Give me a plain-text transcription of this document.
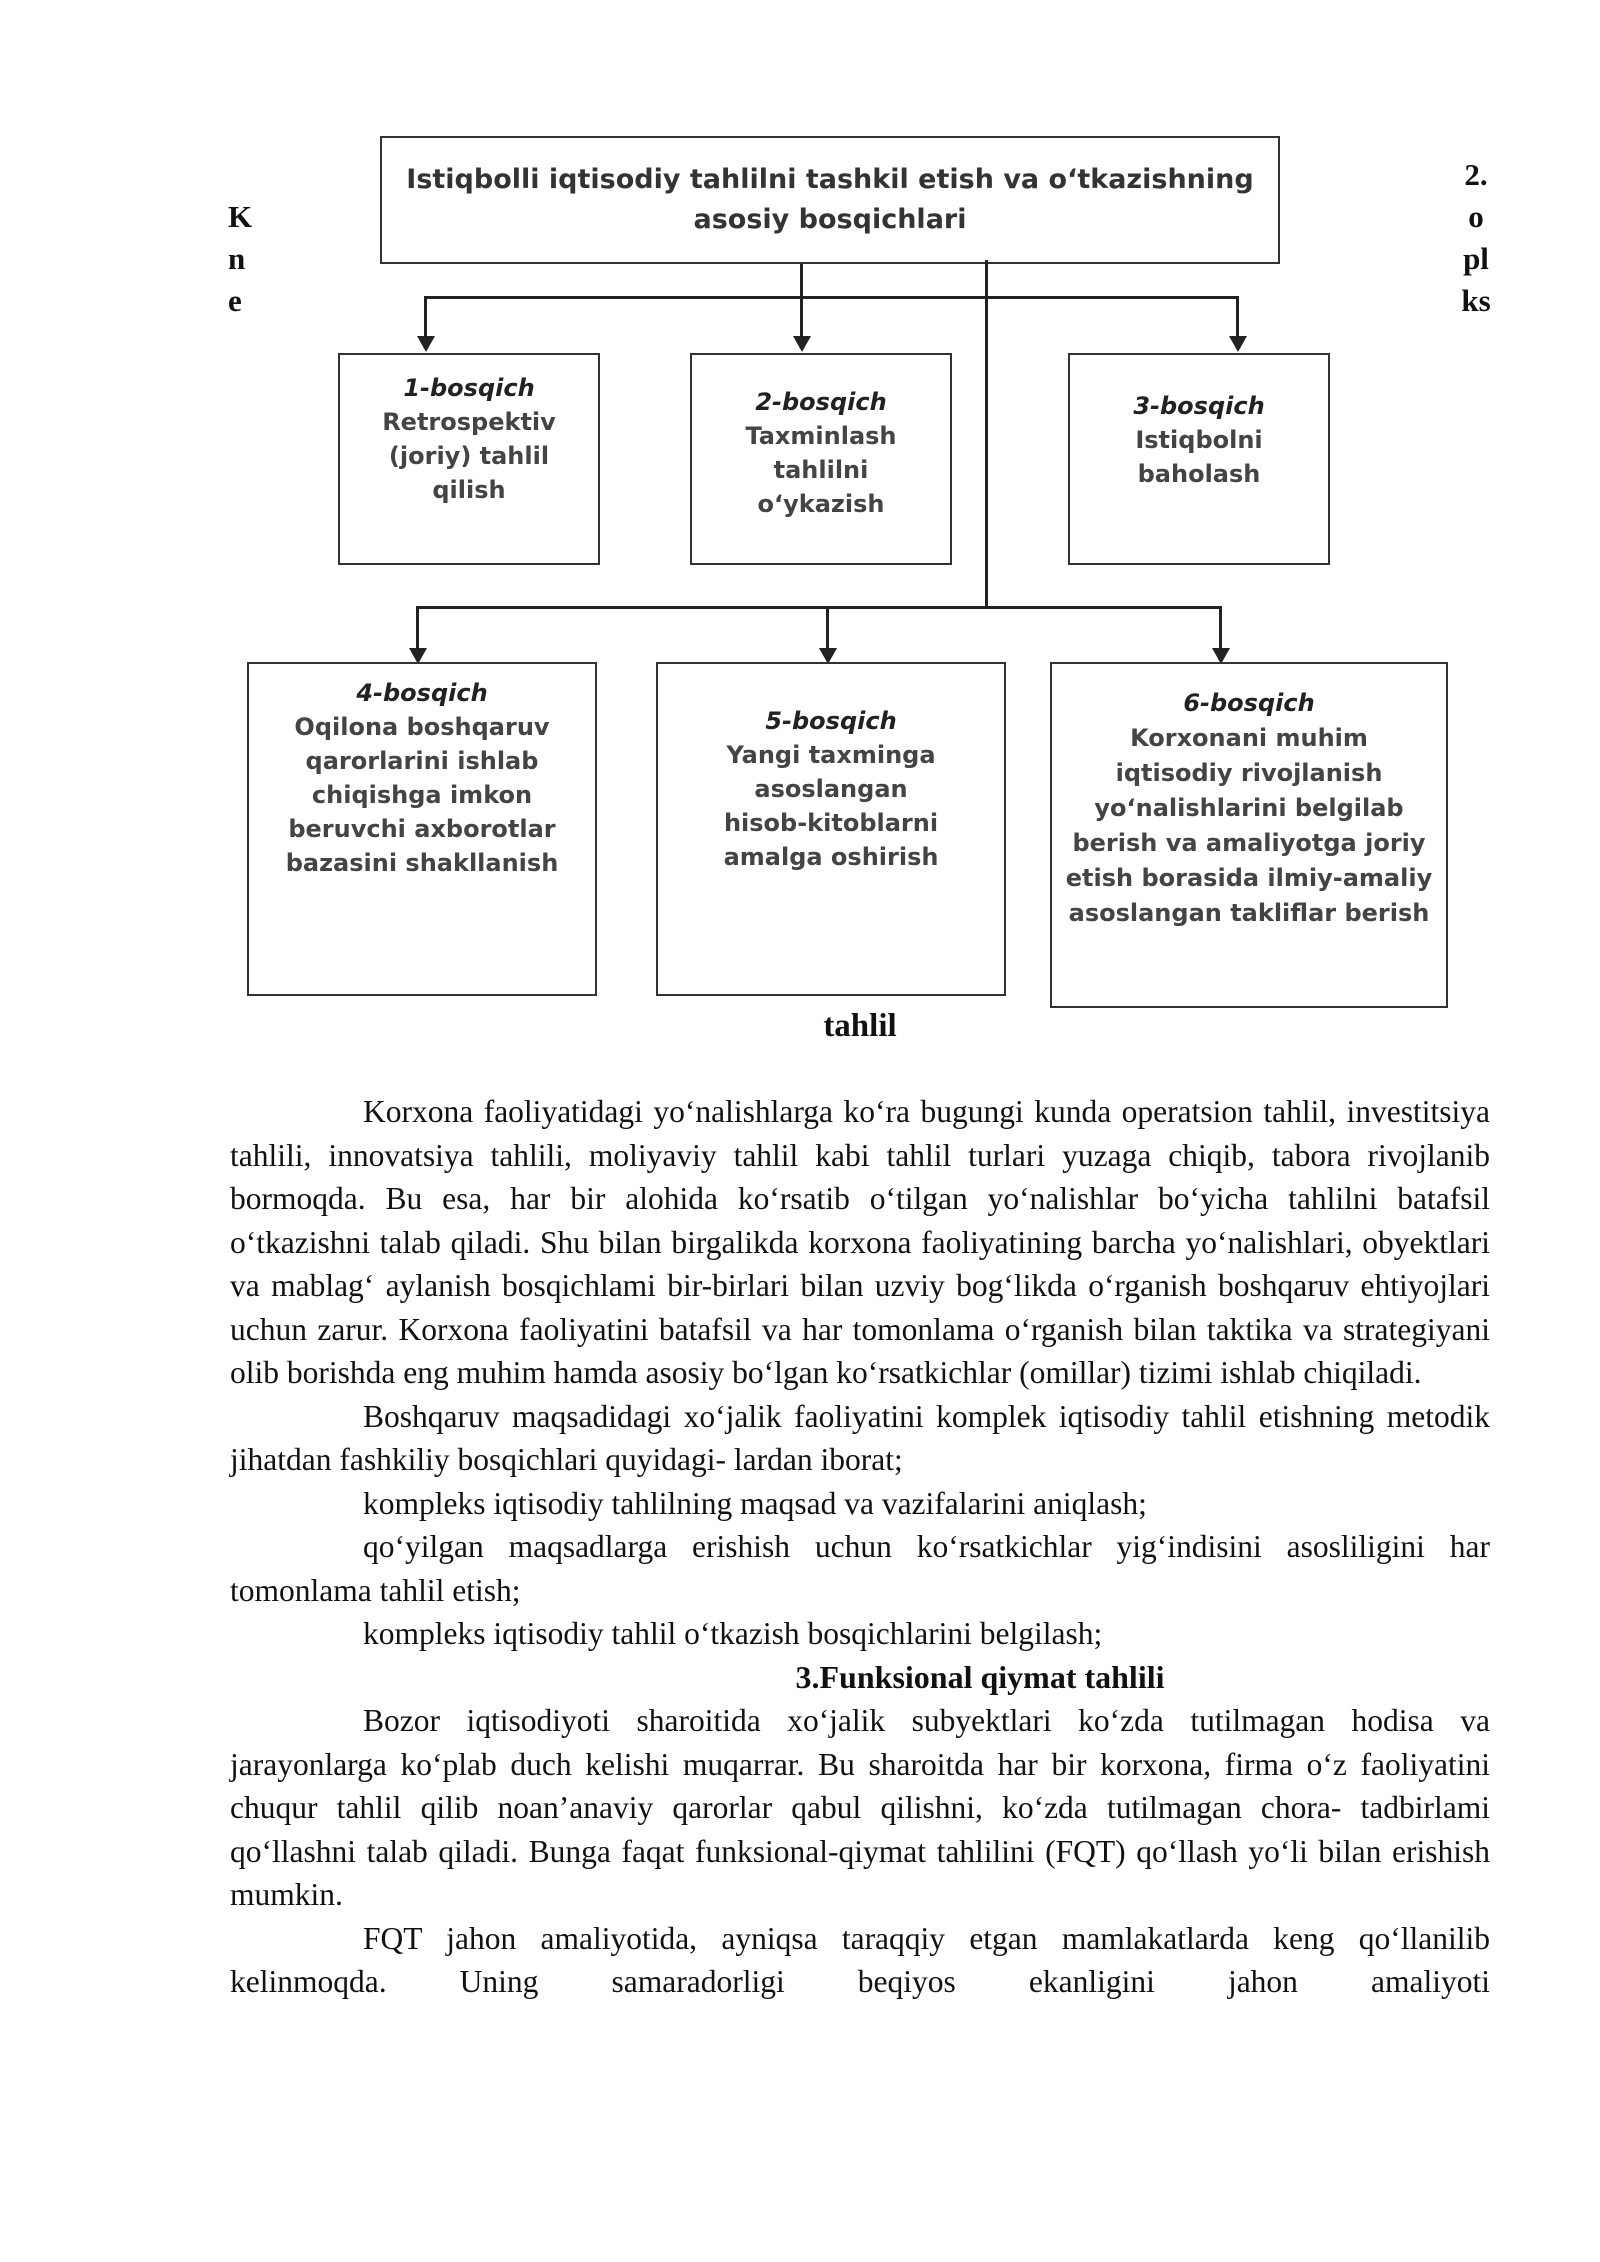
K
n
e
2.
o
pl
ks
Istiqbolli iqtisodiy tahlilni tashkil etish va o‘tkazishning
asosiy bosqichlari
1-bosqich
Retrospektiv
(joriy) tahlil
qilish
2-bosqich
Taxminlash
tahlilni
o‘ykazish
3-bosqich
Istiqbolni
baholash
4-bosqich
Oqilona boshqaruv
qarorlarini ishlab
chiqishga imkon
beruvchi axborotlar
bazasini shakllanish
5-bosqich
Yangi taxminga
asoslangan
hisob-kitoblarni
amalga oshirish
6-bosqich
Korxonani muhim
iqtisodiy rivojlanish
yo‘nalishlarini belgilab
berish va amaliyotga joriy
etish borasida ilmiy-amaliy
asoslangan takliflar berish
tahlil

Korxona faoliyatidagi yo‘nalishlarga ko‘ra bugungi kunda operatsion tahlil, investitsiya tahlili, innovatsiya tahlili, moliyaviy tahlil kabi tahlil turlari yuzaga chiqib, tabora rivojlanib bormoqda. Bu esa, har bir alohida ko‘rsatib o‘tilgan yo‘nalishlar bo‘yicha tahlilni batafsil o‘tkazishni talab qiladi. Shu bilan birgalikda korxona faoliyatining barcha yo‘nalishlari, obyektlari va mablag‘ aylanish bosqichlami bir-birlari bilan uzviy bog‘likda o‘rganish boshqaruv ehtiyojlari uchun zarur. Korxona faoliyatini batafsil va har tomonlama o‘rganish bilan taktika va strategiyani olib borishda eng muhim hamda asosiy bo‘lgan ko‘rsatkichlar (omillar) tizimi ishlab chiqiladi.

Boshqaruv maqsadidagi xo‘jalik faoliyatini komplek iqtisodiy tahlil etishning metodik jihatdan fashkiliy bosqichlari quyidagi- lardan iborat;

kompleks iqtisodiy tahlilning maqsad va vazifalarini aniqlash;

qo‘yilgan maqsadlarga erishish uchun ko‘rsatkichlar yig‘indisini asosliligini har tomonlama tahlil etish;

kompleks iqtisodiy tahlil o‘tkazish bosqichlarini belgilash;

3.Funksional qiymat tahlili

Bozor iqtisodiyoti sharoitida xo‘jalik subyektlari ko‘zda tutilmagan hodisa va jarayonlarga ko‘plab duch kelishi muqarrar. Bu sharoitda har bir korxona, firma o‘z faoliyatini chuqur tahlil qilib noan’anaviy qarorlar qabul qilishni, ko‘zda tutilmagan chora- tadbirlami qo‘llashni talab qiladi. Bunga faqat funksional-qiymat tahlilini (FQT) qo‘llash yo‘li bilan erishish mumkin.

FQT jahon amaliyotida, ayniqsa taraqqiy etgan mamlakatlarda keng qo‘llanilib kelinmoqda. Uning samaradorligi beqiyos ekanligini jahon amaliyoti
